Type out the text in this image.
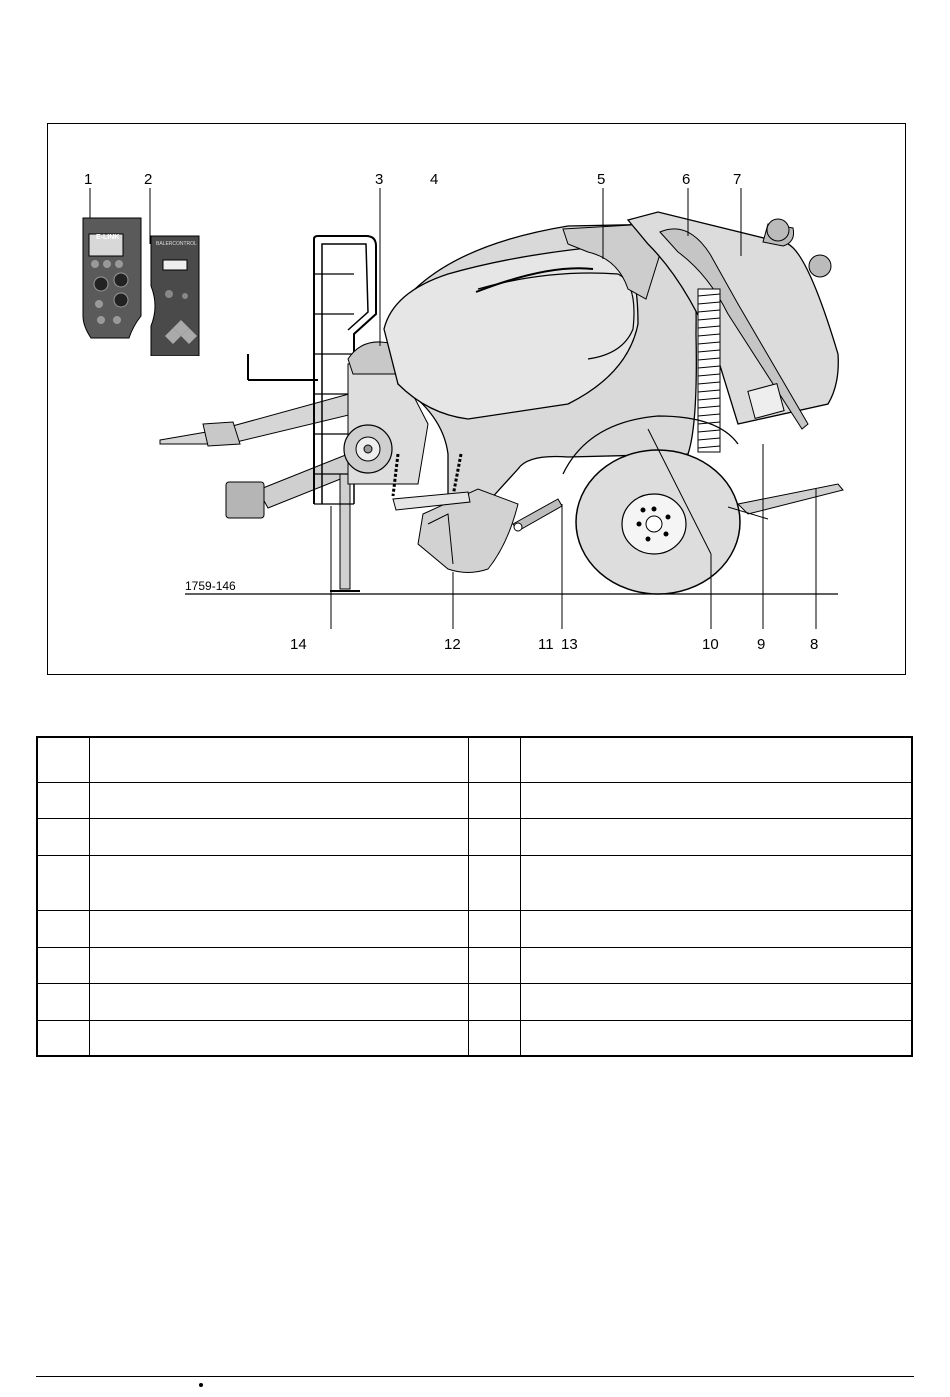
E-LINK
BALERCONTROL
1	2	3	4	5	6	7
8
9
10
11 13
12
14
1759-146
